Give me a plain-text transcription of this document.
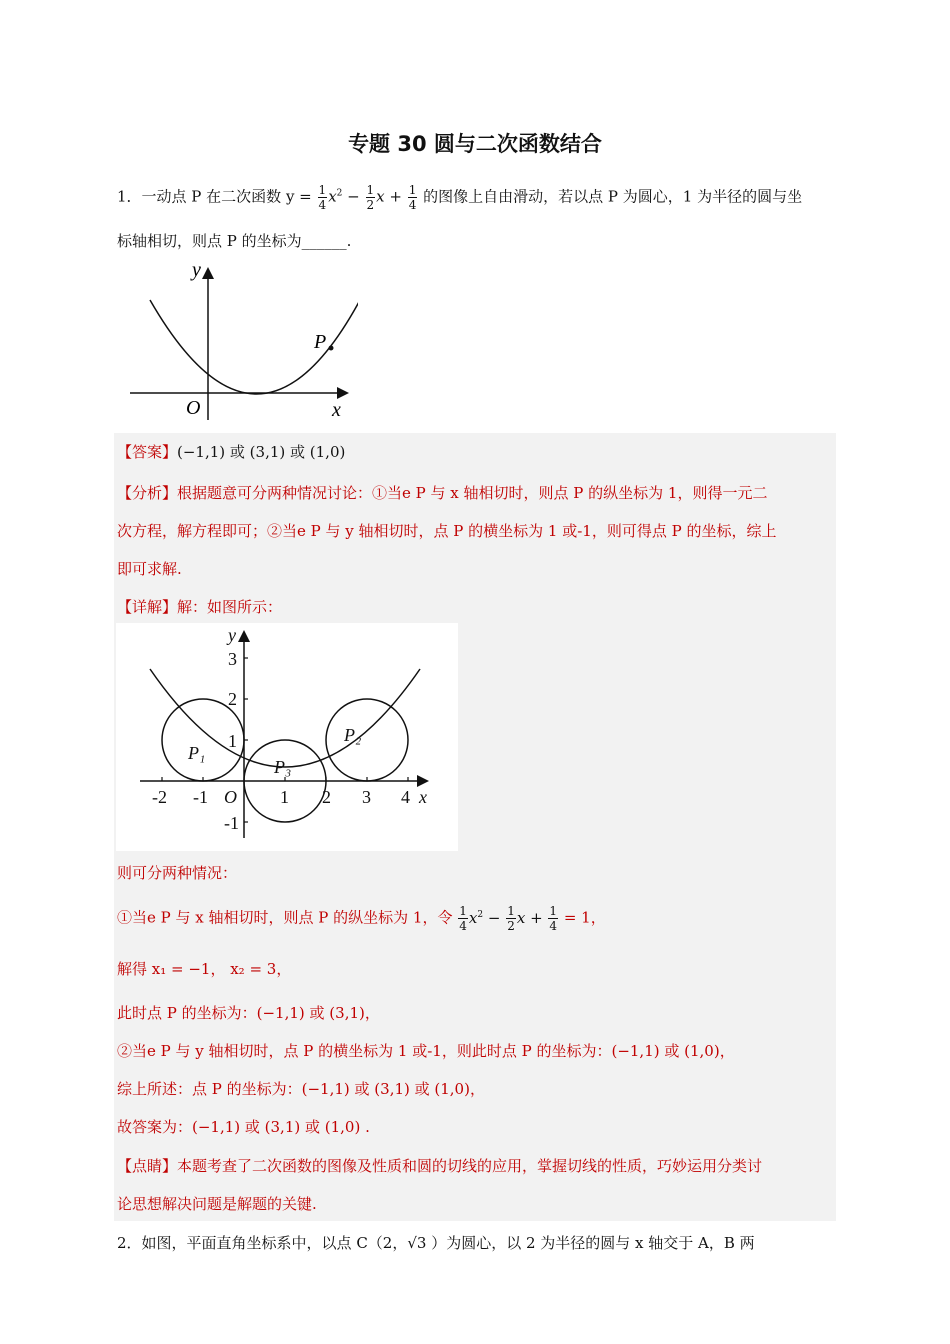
专题 30 圆与二次函数结合
1．一动点 P 在二次函数 $y = \frac{1}{4} x^2 - \frac{1}{2}$ $x + \frac{1}{4}$ 的图像上自由滑动，若以点 P 为圆心，1 为半径的圆与坐
标轴相切，则点 P 的坐标为______.
y
x
O
P
【答案】(−1,1) 或 (3,1) 或 (1,0)
【分析】根据题意可分两种情况讨论：①当e P 与 x 轴相切时，则点 P 的纵坐标为 1，则得一元二
次方程，解方程即可；②当e P 与 y 轴相切时，点 P 的横坐标为 1 或-1，则可得点 P 的坐标，综上
即可求解.
【详解】解：如图所示：
y
x
O
P₁
P₂
P₃
-2 -1	1 2 3 4
3
2
1
-1
则可分两种情况：
①当e P 与 x 轴相切时，则点 P 的纵坐标为 1，令 $\frac{1}{4} x^2 - \frac{1}{2}$ $x + \frac{1}{4} = 1$，
解得 x₁ = −1， x₂ = 3，
此时点 P 的坐标为：(−1,1) 或 (3,1)，
②当e P 与 y 轴相切时，点 P 的横坐标为 1 或-1，则此时点 P 的坐标为：(−1,1) 或 (1,0)，
综上所述：点 P 的坐标为：(−1,1) 或 (3,1) 或 (1,0)，
故答案为：(−1,1) 或 (3,1) 或 (1,0) .
【点睛】本题考查了二次函数的图像及性质和圆的切线的应用，掌握切线的性质，巧妙运用分类讨
论思想解决问题是解题的关键.
2．如图，平面直角坐标系中，以点 C（2，√3 ）为圆心，以 2 为半径的圆与 x 轴交于 A，B 两
